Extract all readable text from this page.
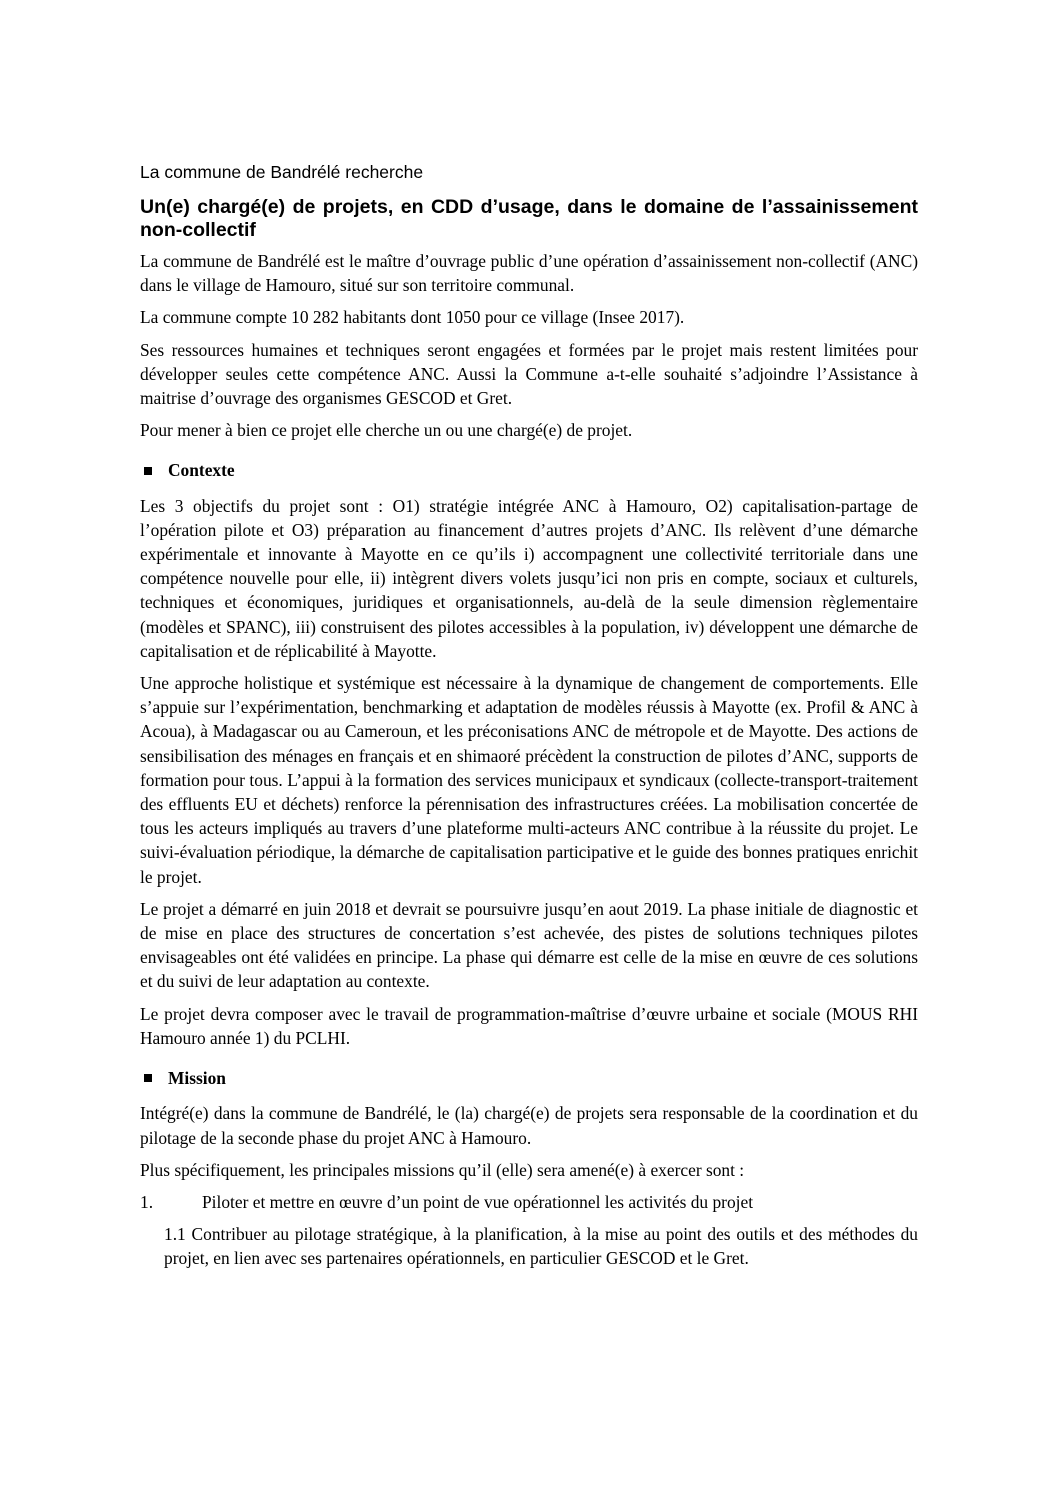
La commune de Bandrélé recherche
Un(e) chargé(e) de projets, en CDD d’usage, dans le domaine de l’assainissement non-collectif

La commune de Bandrélé est le maître d’ouvrage public d’une opération d’assainissement non-collectif (ANC) dans le village de Hamouro, situé sur son territoire communal.

La commune compte 10 282 habitants dont 1050 pour ce village (Insee 2017).

Ses ressources humaines et techniques seront engagées et formées par le projet mais restent limitées pour développer seules cette compétence ANC. Aussi la Commune a-t-elle souhaité s’adjoindre l’Assistance à maitrise d’ouvrage des organismes GESCOD et Gret.

Pour mener à bien ce projet elle cherche un ou une chargé(e) de projet.

Contexte

Les 3 objectifs du projet sont : O1) stratégie intégrée ANC à Hamouro, O2) capitalisation-partage de l’opération pilote et O3) préparation au financement d’autres projets d’ANC. Ils relèvent d’une démarche expérimentale et innovante à Mayotte en ce qu’ils i) accompagnent une collectivité territoriale dans une compétence nouvelle pour elle, ii) intègrent divers volets jusqu’ici non pris en compte, sociaux et culturels, techniques et économiques, juridiques et organisationnels, au-delà de la seule dimension règlementaire (modèles et SPANC), iii) construisent des pilotes accessibles à la population, iv) développent une démarche de capitalisation et de réplicabilité à Mayotte.

Une approche holistique et systémique est nécessaire à la dynamique de changement de comportements. Elle s’appuie sur l’expérimentation, benchmarking et adaptation de modèles réussis à Mayotte (ex. Profil & ANC à Acoua), à Madagascar ou au Cameroun, et les préconisations ANC de métropole et de Mayotte. Des actions de sensibilisation des ménages en français et en shimaoré précèdent la construction de pilotes d’ANC, supports de formation pour tous. L’appui à la formation des services municipaux et syndicaux (collecte-transport-traitement des effluents EU et déchets) renforce la pérennisation des infrastructures créées. La mobilisation concertée de tous les acteurs impliqués au travers d’une plateforme multi-acteurs ANC contribue à la réussite du projet. Le suivi-évaluation périodique, la démarche de capitalisation participative et le guide des bonnes pratiques enrichit le projet.

Le projet a démarré en juin 2018 et devrait se poursuivre jusqu’en aout 2019. La phase initiale de diagnostic et de mise en place des structures de concertation s’est achevée, des pistes de solutions techniques pilotes envisageables ont été validées en principe. La phase qui démarre est celle de la mise en œuvre de ces solutions et du suivi de leur adaptation au contexte.

Le projet devra composer avec le travail de programmation-maîtrise d’œuvre urbaine et sociale (MOUS RHI Hamouro année 1) du PCLHI.

Mission

Intégré(e) dans la commune de Bandrélé, le (la) chargé(e) de projets sera responsable de la coordination et du pilotage de la seconde phase du projet ANC à Hamouro.

Plus spécifiquement, les principales missions qu’il (elle) sera amené(e) à exercer sont :

1.	Piloter et mettre en œuvre d’un point de vue opérationnel les activités du projet

1.1 Contribuer au pilotage stratégique, à la planification, à la mise au point des outils et des méthodes du projet, en lien avec ses partenaires opérationnels, en particulier GESCOD et le Gret.
